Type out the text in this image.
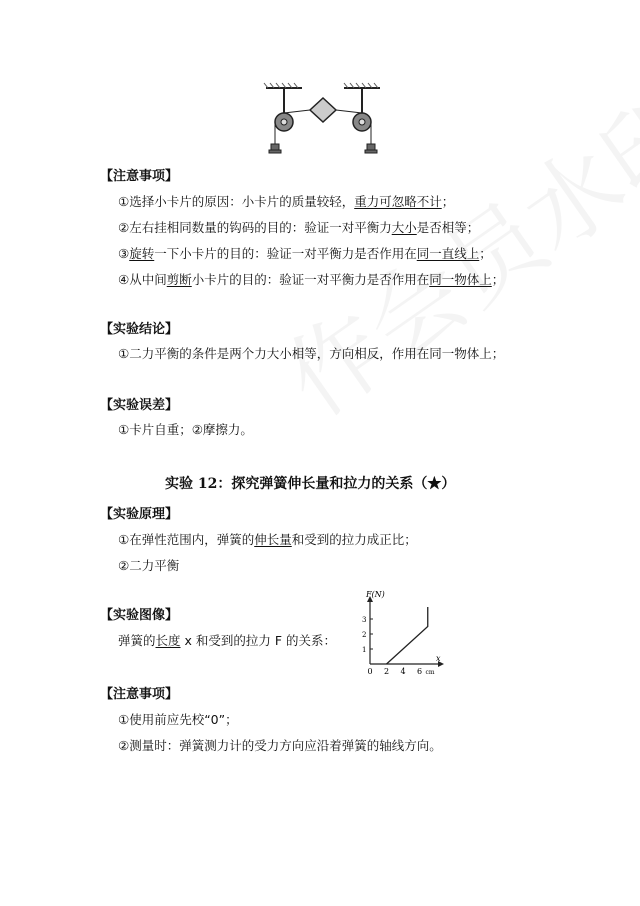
【注意事项】
①选择小卡片的原因：小卡片的质量较轻，重力可忽略不计；
②左右挂相同数量的钩码的目的：验证一对平衡力大小是否相等；
③旋转一下小卡片的目的：验证一对平衡力是否作用在同一直线上；
④从中间剪断小卡片的目的：验证一对平衡力是否作用在同一物体上；
【实验结论】
①二力平衡的条件是两个力大小相等，方向相反，作用在同一物体上；
【实验误差】
①卡片自重；②摩擦力。
实验 12：探究弹簧伸长量和拉力的关系（★）
【实验原理】
①在弹性范围内，弹簧的伸长量和受到的拉力成正比；
②二力平衡
【实验图像】
弹簧的长度 x 和受到的拉力 F 的关系：
F(N)
x
0 2 4 6 cm
1
2
3
【注意事项】
①使用前应先校“0”；
②测量时：弹簧测力计的受力方向应沿着弹簧的轴线方向。
